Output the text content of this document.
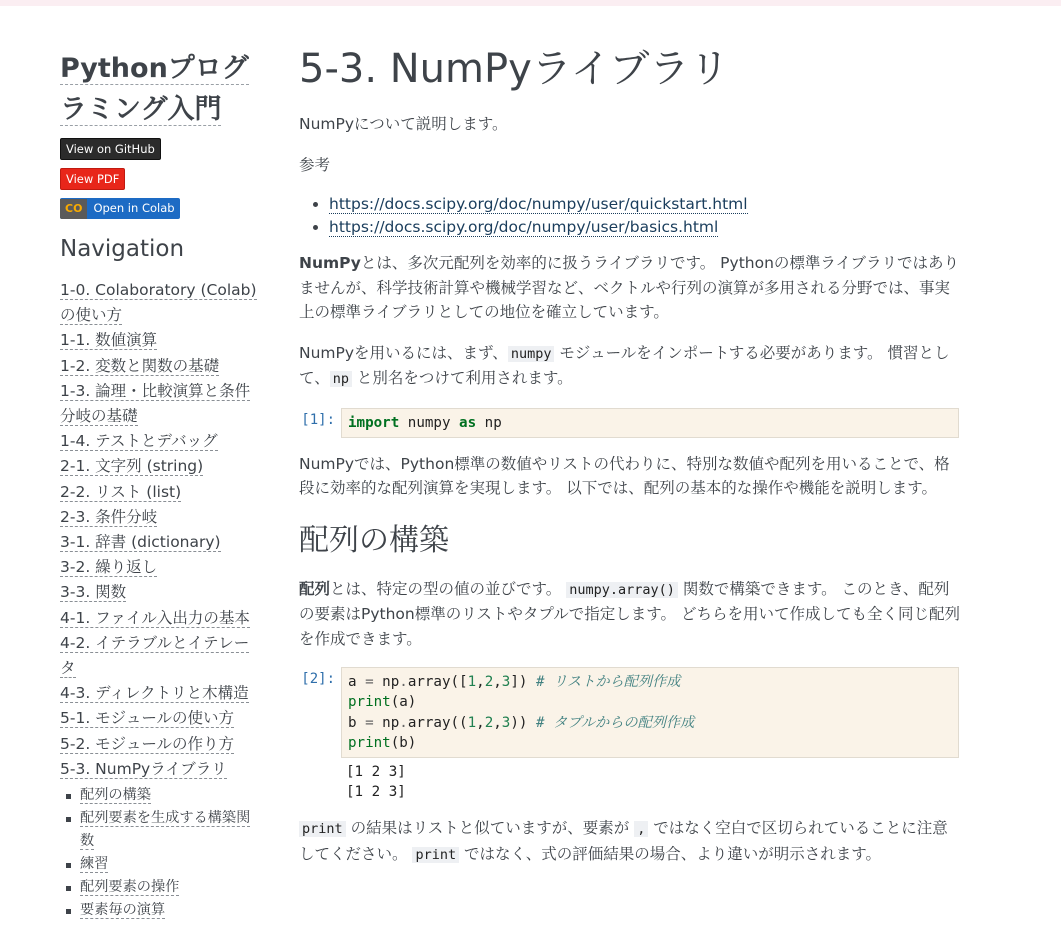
Pythonプログラミング入門
View on GitHub
View PDF
CO Open in Colab
Navigation
1-0. Colaboratory (Colab)の使い方
1-1. 数値演算
1-2. 変数と関数の基礎
1-3. 論理・比較演算と条件分岐の基礎
1-4. テストとデバッグ
2-1. 文字列 (string)
2-2. リスト (list)
2-3. 条件分岐
3-1. 辞書 (dictionary)
3-2. 繰り返し
3-3. 関数
4-1. ファイル入出力の基本
4-2. イテラブルとイテレータ
4-3. ディレクトリと木構造
5-1. モジュールの使い方
5-2. モジュールの作り方
5-3. NumPyライブラリ
配列の構築
配列要素を生成する構築関数
練習
配列要素の操作
要素毎の演算
5-3. NumPyライブラリ

NumPyについて説明します。

参考

• https://docs.scipy.org/doc/numpy/user/quickstart.html
• https://docs.scipy.org/doc/numpy/user/basics.html

NumPyとは、多次元配列を効率的に扱うライブラリです。 Pythonの標準ライブラリではありませんが、科学技術計算や機械学習など、ベクトルや行列の演算が多用される分野では、事実上の標準ライブラリとしての地位を確立しています。

NumPyを用いるには、まず、 numpy モジュールをインポートする必要があります。 慣習として、 np と別名をつけて利用されます。

[1]: import numpy as np

NumPyでは、Python標準の数値やリストの代わりに、特別な数値や配列を用いることで、格段に効率的な配列演算を実現します。 以下では、配列の基本的な操作や機能を説明します。

配列の構築

配列とは、特定の型の値の並びです。 numpy.array() 関数で構築できます。 このとき、配列の要素はPython標準のリストやタプルで指定します。 どちらを用いて作成しても全く同じ配列を作成できます。

[2]: a = np.array([1,2,3]) # リストから配列作成
print(a)
b = np.array((1,2,3)) # タプルからの配列作成
print(b)
[1 2 3]
[1 2 3]

print の結果はリストと似ていますが、要素が , ではなく空白で区切られていることに注意してください。 print ではなく、式の評価結果の場合、より違いが明示されます。
